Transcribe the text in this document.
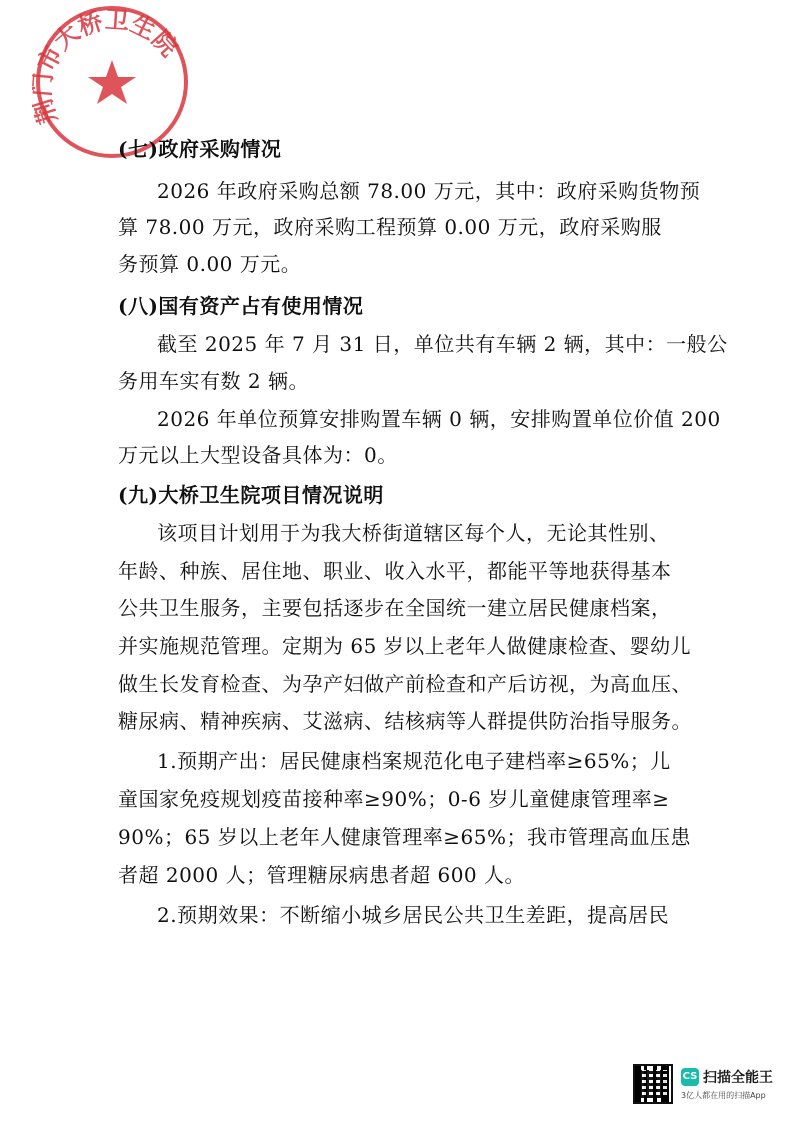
市大桥卫生院
(七)政府采购情况
2026 年政府采购总额 78.00 万元，其中：政府采购货物预
算 78.00 万元，政府采购工程预算 0.00 万元，政府采购服
务预算 0.00 万元。
(八)国有资产占有使用情况
截至 2025 年 7 月 31 日，单位共有车辆 2 辆，其中：一般公
务用车实有数 2 辆。
2026 年单位预算安排购置车辆 0 辆，安排购置单位价值 200
万元以上大型设备具体为：0。
(九)大桥卫生院项目情况说明
该项目计划用于为我大桥街道辖区每个人，无论其性别、
年龄、种族、居住地、职业、收入水平，都能平等地获得基本
公共卫生服务，主要包括逐步在全国统一建立居民健康档案，
并实施规范管理。定期为 65 岁以上老年人做健康检查、婴幼儿
做生长发育检查、为孕产妇做产前检查和产后访视，为高血压、
糖尿病、精神疾病、艾滋病、结核病等人群提供防治指导服务。
1.预期产出：居民健康档案规范化电子建档率≥65%；儿
童国家免疫规划疫苗接种率≥90%；0-6 岁儿童健康管理率≥
90%；65 岁以上老年人健康管理率≥65%；我市管理高血压患
者超 2000 人；管理糖尿病患者超 600 人。
2.预期效果：不断缩小城乡居民公共卫生差距，提高居民
CS 扫描全能王
3亿人都在用的扫描App
